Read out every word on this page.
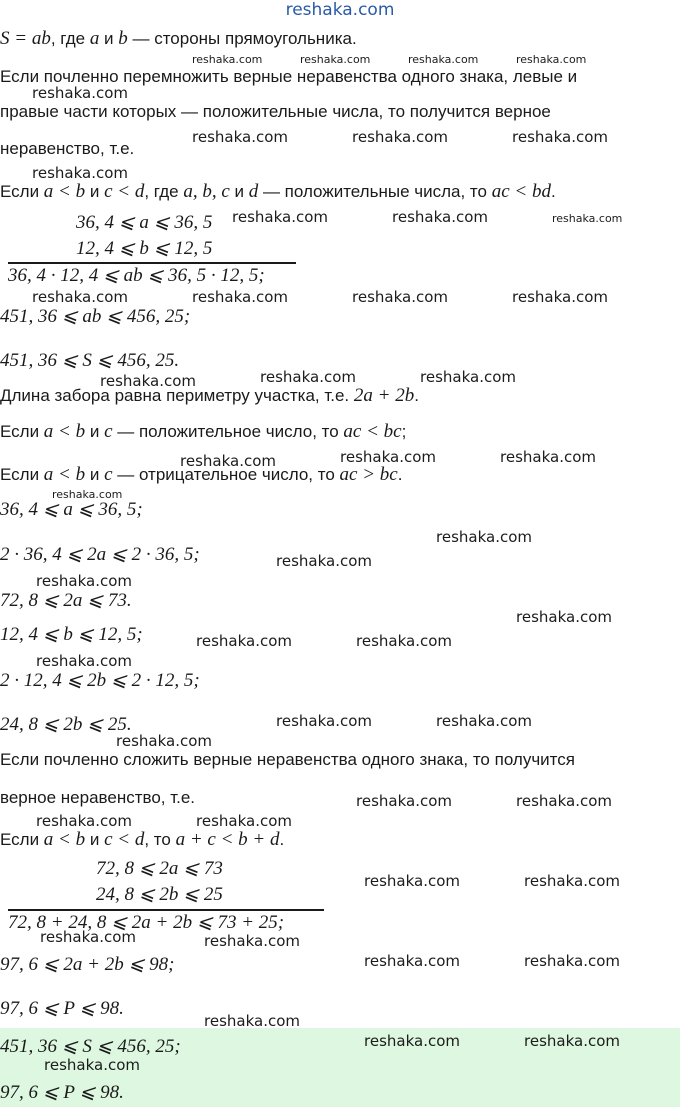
reshaka.com
S = ab, где a и b — стороны прямоугольника.
Если почленно перемножить верные неравенства одного знака, левые и
правые части которых — положительные числа, то получится верное
неравенство, т.е.
Если a < b и c < d, где a, b, c и d — положительные числа, то ac < bd.
36, 4 ⩽ a ⩽ 36, 5
12, 4 ⩽ b ⩽ 12, 5
36, 4 · 12, 4 ⩽ ab ⩽ 36, 5 · 12, 5;
451, 36 ⩽ ab ⩽ 456, 25;
451, 36 ⩽ S ⩽ 456, 25.
Длина забора равна периметру участка, т.е. 2a + 2b.
Если a < b и c — положительное число, то ac < bc;
Если a < b и c — отрицательное число, то ac > bc.
36, 4 ⩽ a ⩽ 36, 5;
2 · 36, 4 ⩽ 2a ⩽ 2 · 36, 5;
72, 8 ⩽ 2a ⩽ 73.
12, 4 ⩽ b ⩽ 12, 5;
2 · 12, 4 ⩽ 2b ⩽ 2 · 12, 5;
24, 8 ⩽ 2b ⩽ 25.
Если почленно сложить верные неравенства одного знака, то получится
верное неравенство, т.е.
Если a < b и c < d, то a + c < b + d.
72, 8 ⩽ 2a ⩽ 73
24, 8 ⩽ 2b ⩽ 25
72, 8 + 24, 8 ⩽ 2a + 2b ⩽ 73 + 25;
97, 6 ⩽ 2a + 2b ⩽ 98;
97, 6 ⩽ P ⩽ 98.
451, 36 ⩽ S ⩽ 456, 25;
97, 6 ⩽ P ⩽ 98.
reshaka.com	reshaka.com	reshaka.com	reshaka.com
reshaka.com
reshaka.com	reshaka.com	reshaka.com
reshaka.com
reshaka.com	reshaka.com	reshaka.com
reshaka.com	reshaka.com	reshaka.com	reshaka.com
reshaka.com	reshaka.com
reshaka.com
reshaka.com	reshaka.com	reshaka.com
reshaka.com
reshaka.com
reshaka.com
reshaka.com
reshaka.com
reshaka.com	reshaka.com
reshaka.com
reshaka.com	reshaka.com
reshaka.com
reshaka.com	reshaka.com
reshaka.com
reshaka.com
reshaka.com	reshaka.com
reshaka.com	reshaka.com
reshaka.com	reshaka.com
reshaka.com
reshaka.com	reshaka.com
reshaka.com
